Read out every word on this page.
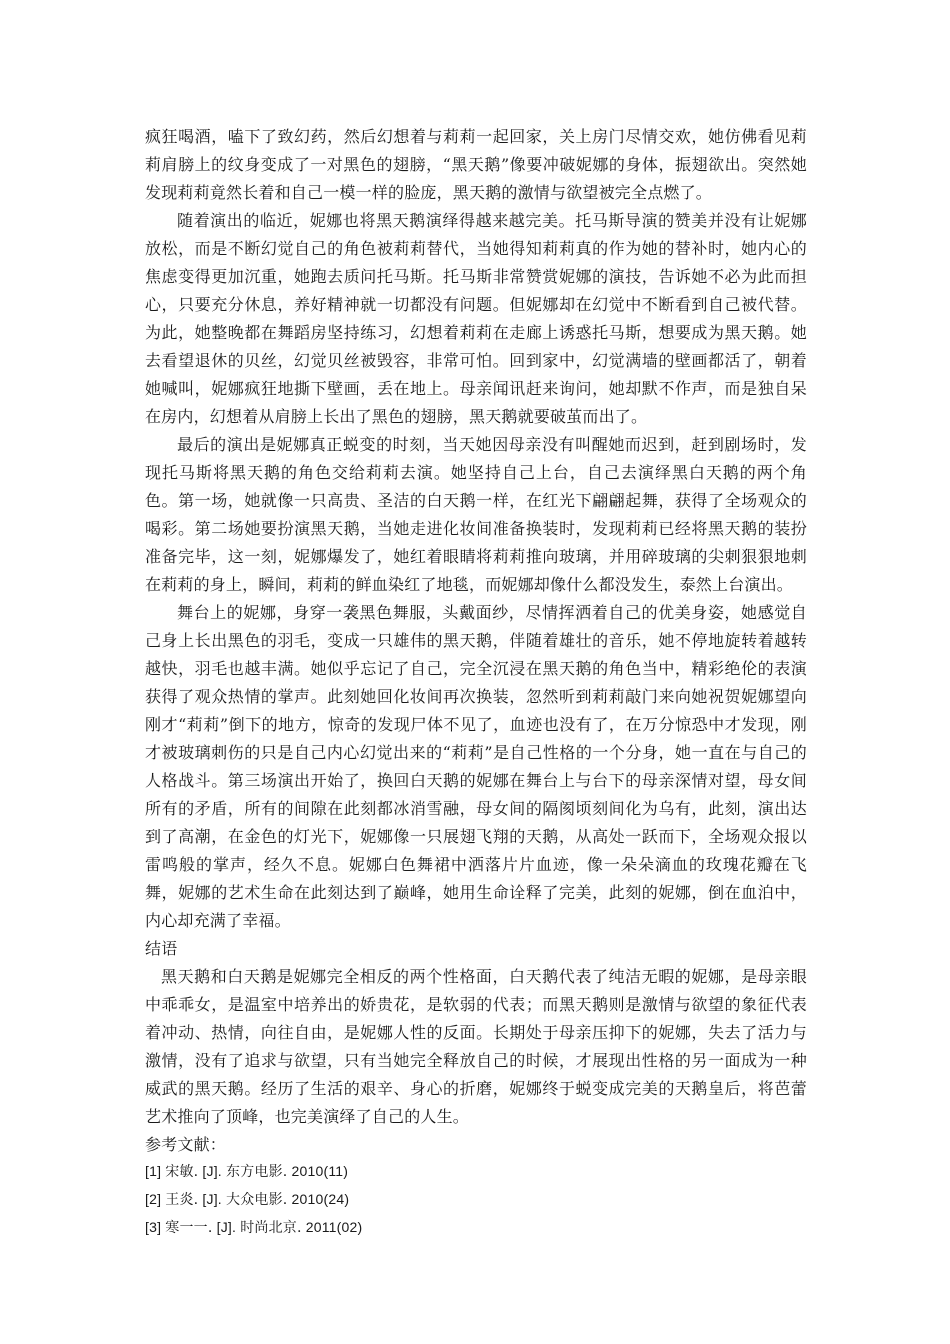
疯狂喝酒，嗑下了致幻药，然后幻想着与莉莉一起回家，关上房门尽情交欢，她仿佛看见莉莉肩膀上的纹身变成了一对黑色的翅膀，“黑天鹅”像要冲破妮娜的身体，振翅欲出。突然她发现莉莉竟然长着和自己一模一样的脸庞，黑天鹅的激情与欲望被完全点燃了。

随着演出的临近，妮娜也将黑天鹅演绎得越来越完美。托马斯导演的赞美并没有让妮娜放松，而是不断幻觉自己的角色被莉莉替代，当她得知莉莉真的作为她的替补时，她内心的焦虑变得更加沉重，她跑去质问托马斯。托马斯非常赞赏妮娜的演技，告诉她不必为此而担心，只要充分休息，养好精神就一切都没有问题。但妮娜却在幻觉中不断看到自己被代替。为此，她整晚都在舞蹈房坚持练习，幻想着莉莉在走廊上诱惑托马斯，想要成为黑天鹅。她去看望退休的贝丝，幻觉贝丝被毁容，非常可怕。回到家中，幻觉满墙的壁画都活了，朝着她喊叫，妮娜疯狂地撕下壁画，丢在地上。母亲闻讯赶来询问，她却默不作声，而是独自呆在房内，幻想着从肩膀上长出了黑色的翅膀，黑天鹅就要破茧而出了。

最后的演出是妮娜真正蜕变的时刻，当天她因母亲没有叫醒她而迟到，赶到剧场时，发现托马斯将黑天鹅的角色交给莉莉去演。她坚持自己上台，自己去演绎黑白天鹅的两个角色。第一场，她就像一只高贵、圣洁的白天鹅一样，在红光下翩翩起舞，获得了全场观众的喝彩。第二场她要扮演黑天鹅，当她走进化妆间准备换装时，发现莉莉已经将黑天鹅的装扮准备完毕，这一刻，妮娜爆发了，她红着眼睛将莉莉推向玻璃，并用碎玻璃的尖刺狠狠地刺在莉莉的身上，瞬间，莉莉的鲜血染红了地毯，而妮娜却像什么都没发生，泰然上台演出。

舞台上的妮娜，身穿一袭黑色舞服，头戴面纱，尽情挥洒着自己的优美身姿，她感觉自己身上长出黑色的羽毛，变成一只雄伟的黑天鹅，伴随着雄壮的音乐，她不停地旋转着越转越快，羽毛也越丰满。她似乎忘记了自己，完全沉浸在黑天鹅的角色当中，精彩绝伦的表演获得了观众热情的掌声。此刻她回化妆间再次换装，忽然听到莉莉敲门来向她祝贺妮娜望向刚才“莉莉”倒下的地方，惊奇的发现尸体不见了，血迹也没有了，在万分惊恐中才发现，刚才被玻璃刺伤的只是自己内心幻觉出来的“莉莉”是自己性格的一个分身，她一直在与自己的人格战斗。第三场演出开始了，换回白天鹅的妮娜在舞台上与台下的母亲深情对望，母女间所有的矛盾，所有的间隙在此刻都冰消雪融，母女间的隔阂顷刻间化为乌有，此刻，演出达到了高潮，在金色的灯光下，妮娜像一只展翅飞翔的天鹅，从高处一跃而下，全场观众报以雷鸣般的掌声，经久不息。妮娜白色舞裙中洒落片片血迹，像一朵朵滴血的玫瑰花瓣在飞舞，妮娜的艺术生命在此刻达到了巅峰，她用生命诠释了完美，此刻的妮娜，倒在血泊中，内心却充满了幸福。

结语

黑天鹅和白天鹅是妮娜完全相反的两个性格面，白天鹅代表了纯洁无暇的妮娜，是母亲眼中乖乖女，是温室中培养出的娇贵花，是软弱的代表；而黑天鹅则是激情与欲望的象征代表着冲动、热情，向往自由，是妮娜人性的反面。长期处于母亲压抑下的妮娜，失去了活力与激情，没有了追求与欲望，只有当她完全释放自己的时候，才展现出性格的另一面成为一种威武的黑天鹅。经历了生活的艰辛、身心的折磨，妮娜终于蜕变成完美的天鹅皇后，将芭蕾艺术推向了顶峰，也完美演绎了自己的人生。

参考文献：

[1] 宋敏. [J]. 东方电影. 2010(11)

[2] 王炎. [J]. 大众电影. 2010(24)

[3] 寒一一. [J]. 时尚北京. 2011(02)
